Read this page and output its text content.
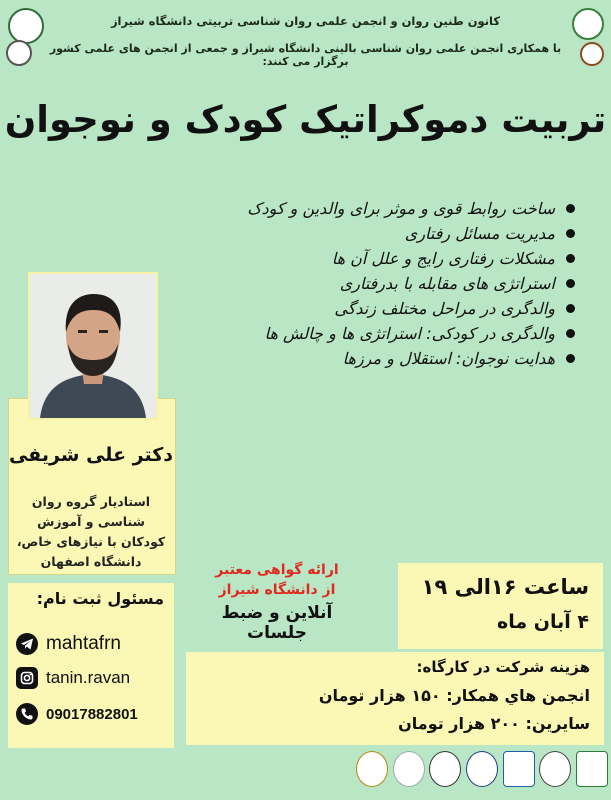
کانون طنین روان و انجمن علمی روان شناسی تربیتی دانشگاه شیراز
با همکاری انجمن علمی روان شناسی بالینی دانشگاه شیراز و جمعی از انجمن های علمی کشور برگزار می کنند:
تربیت دموکراتیک کودک و نوجوان
ساخت روابط قوی و موثر برای والدین و کودک
مدیریت مسائل رفتاری
مشکلات رفتاری رایج و علل آن ها
استراتژی های مقابله با بدرفتاری
والدگری در مراحل مختلف زندگی
والدگری در کودکی: استراتژی ها و چالش ها
هدایت نوجوان: استقلال و مرزها
دکتر علی شریفی
استادیار گروه روان شناسی و آموزش کودکان با نیازهای خاص، دانشگاه اصفهان
ارائه گواهی معتبر
از دانشگاه شیراز
آنلاین و ضبط جلسات
ساعت ۱۶الی ۱۹
۴ آبان ماه
مسئول ثبت نام:
mahtafrn
tanin.ravan
09017882801
هزینه شرکت در کارگاه:
انجمن هاي همکار: ۱۵۰ هزار تومان
سایرین: ۲۰۰ هزار تومان
